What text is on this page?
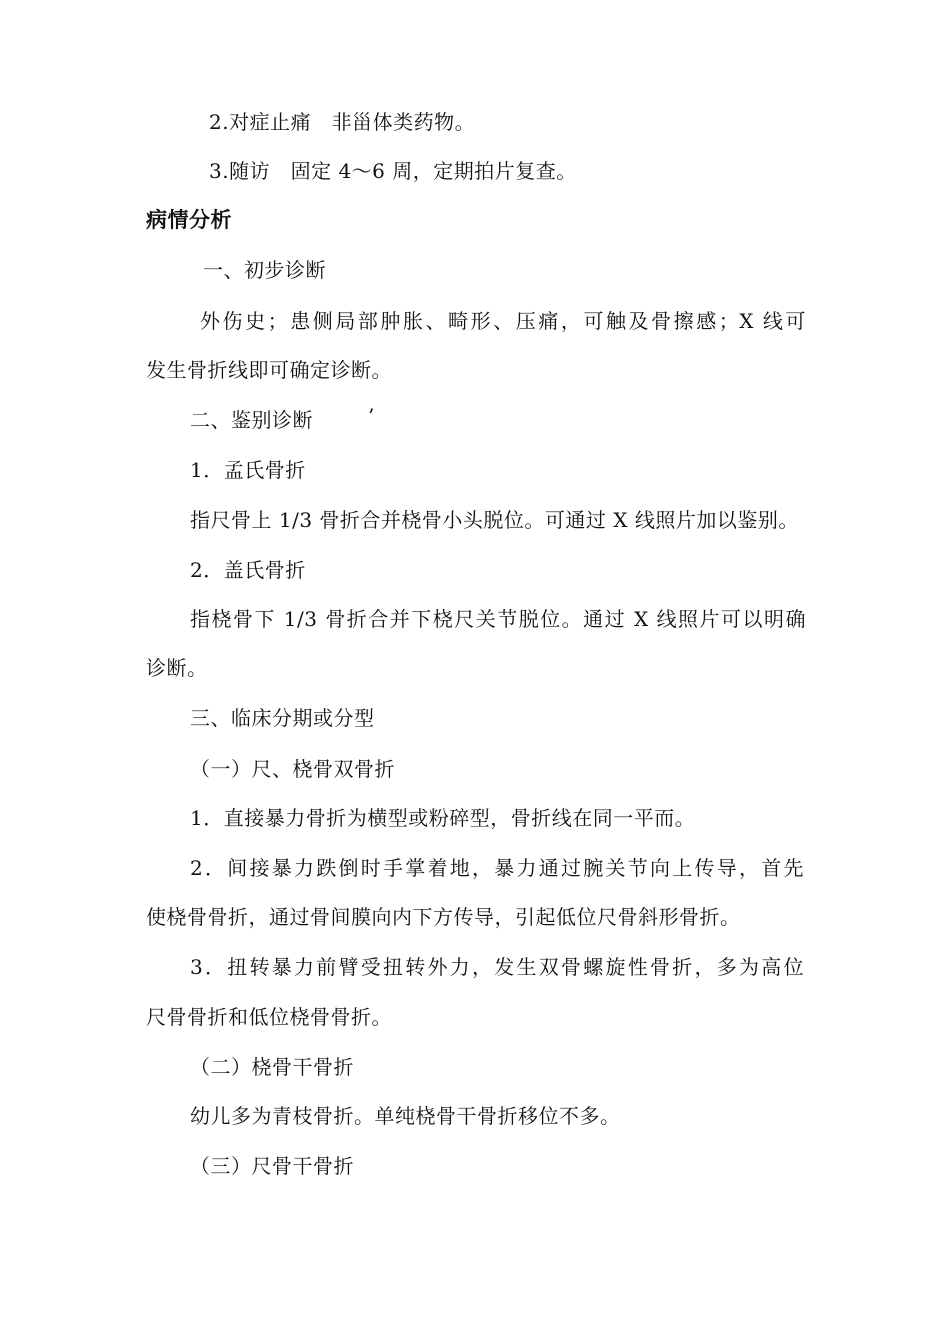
2.对症止痛　非甾体类药物。
3.随访　固定 4～6 周，定期拍片复查。
病情分析
一、初步诊断
外伤史；患侧局部肿胀、畸形、压痛，可触及骨擦感；X 线可
发生骨折线即可确定诊断。
二、鉴别诊断	’
1．孟氏骨折
指尺骨上 1/3 骨折合并桡骨小头脱位。可通过 X 线照片加以鉴别。
2．盖氏骨折
指桡骨下 1/3 骨折合并下桡尺关节脱位。通过 X 线照片可以明确
诊断。
三、临床分期或分型
（一）尺、桡骨双骨折
1．直接暴力骨折为横型或粉碎型，骨折线在同一平而。
2．间接暴力跌倒时手掌着地，暴力通过腕关节向上传导，首先
使桡骨骨折，通过骨间膜向内下方传导，引起低位尺骨斜形骨折。
3．扭转暴力前臂受扭转外力，发生双骨螺旋性骨折，多为高位
尺骨骨折和低位桡骨骨折。
（二）桡骨干骨折
幼儿多为青枝骨折。单纯桡骨干骨折移位不多。
（三）尺骨干骨折
